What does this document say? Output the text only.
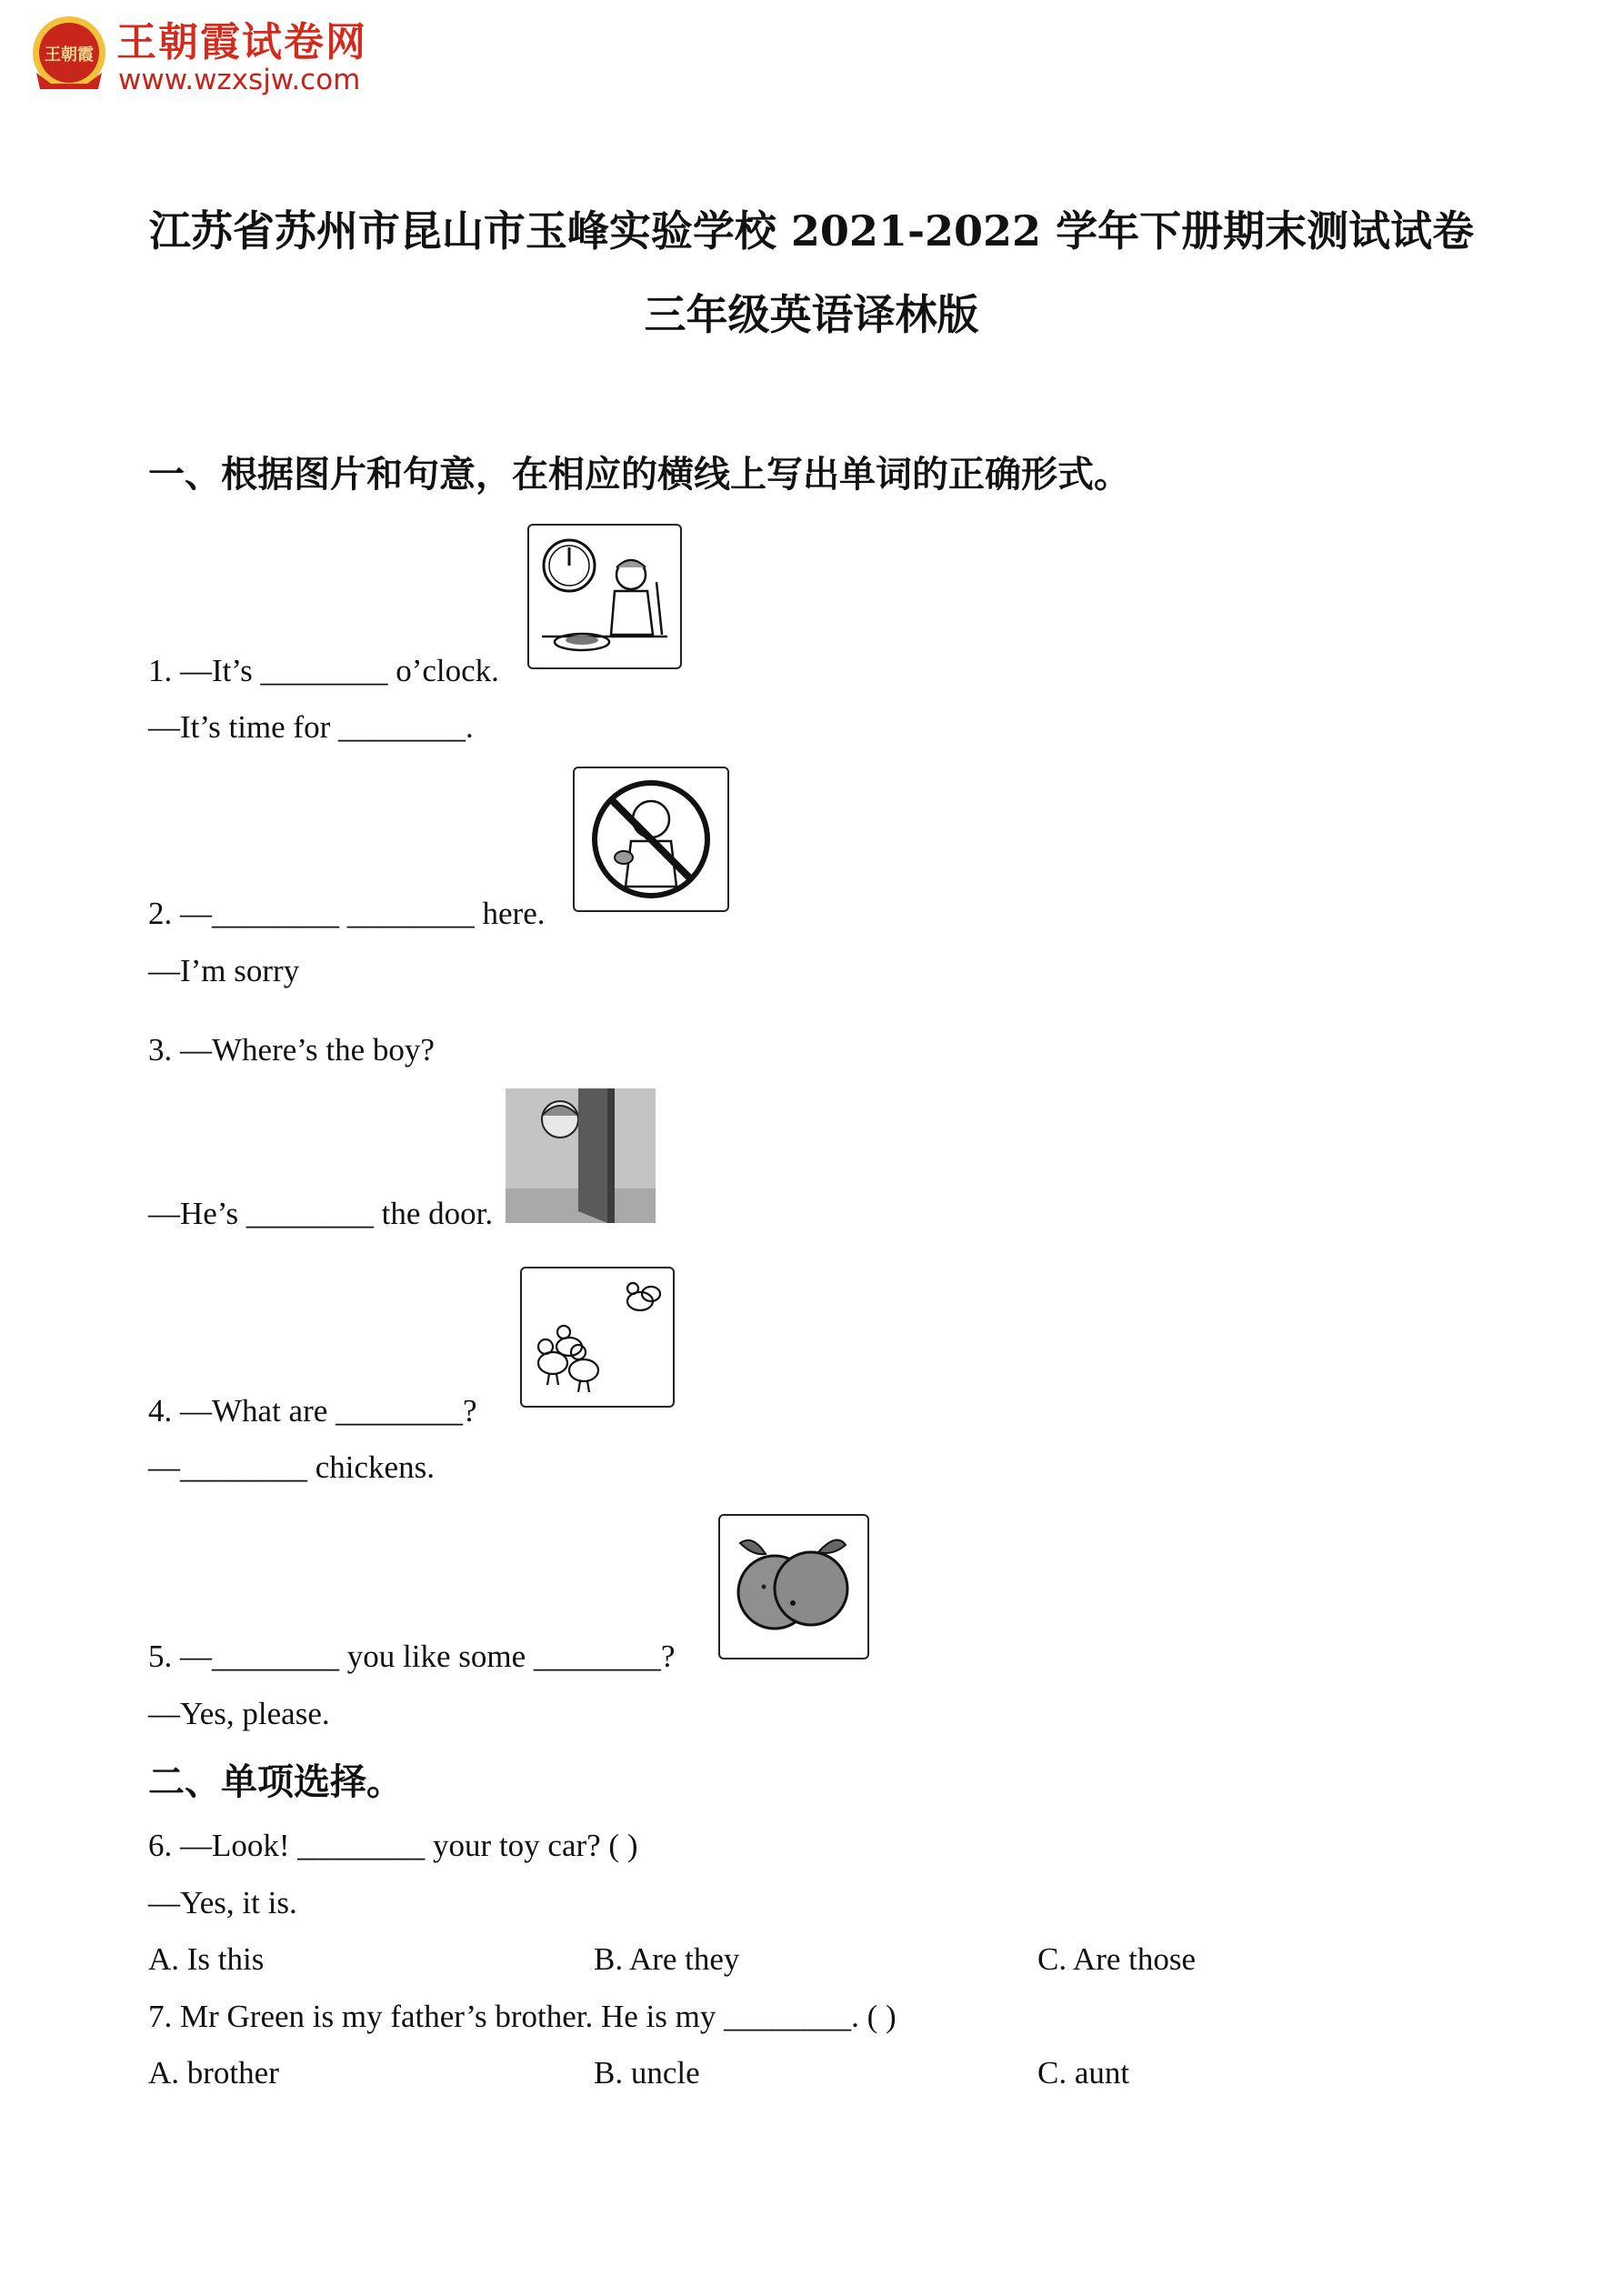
王朝霞 王朝霞试卷网
www.wzxsjw.com
江苏省苏州市昆山市玉峰实验学校 2021-2022 学年下册期末测试试卷
三年级英语译林版
一、根据图片和句意，在相应的横线上写出单词的正确形式。
1. —It’s ________ o’clock.
—It’s time for ________.
2. —________ ________ here.
—I’m sorry
3. —Where’s the boy?
—He’s ________ the door.
4. —What are ________?
—________ chickens.
5. —________ you like some ________?
—Yes, please.
二、单项选择。
6. —Look! ________ your toy car? ( )
—Yes, it is.
A. Is this	B. Are they	C. Are those
7. Mr Green is my father’s brother. He is my ________. ( )
A. brother	B. uncle	C. aunt
